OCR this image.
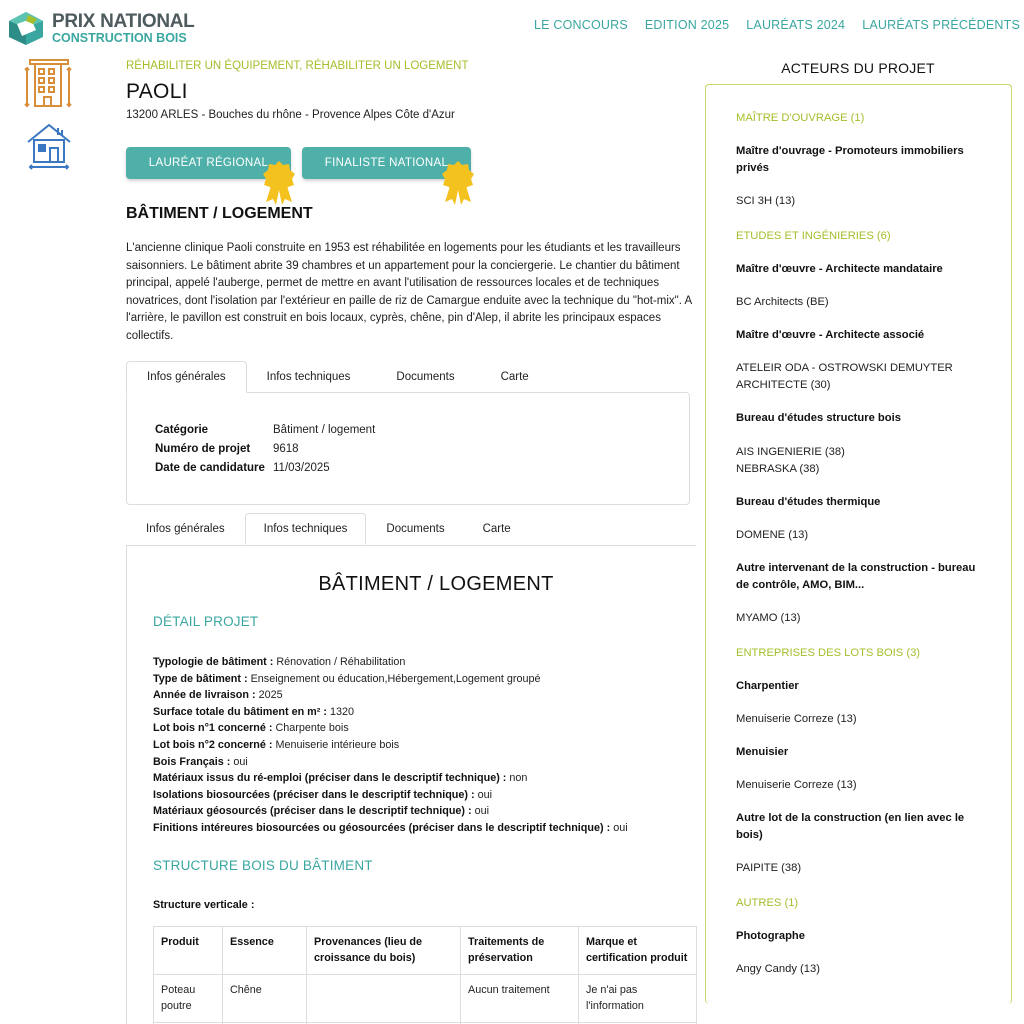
PRIX NATIONAL
CONSTRUCTION BOIS
LE CONCOURS EDITION 2025 LAURÉATS 2024 LAURÉATS PRÉCÉDENTS
RÉHABILITER UN ÉQUIPEMENT, RÉHABILITER UN LOGEMENT
PAOLI
13200 ARLES - Bouches du rhône - Provence Alpes Côte d'Azur
LAURÉAT RÉGIONAL	FINALISTE NATIONAL
BÂTIMENT / LOGEMENT
L'ancienne clinique Paoli construite en 1953 est réhabilitée en logements pour les étudiants et les travailleurs saisonniers. Le bâtiment abrite 39 chambres et un appartement pour la conciergerie. Le chantier du bâtiment principal, appelé l'auberge, permet de mettre en avant l'utilisation de ressources locales et de techniques novatrices, dont l'isolation par l'extérieur en paille de riz de Camargue enduite avec la technique du "hot-mix". A l'arrière, le pavillon est construit en bois locaux, cyprès, chêne, pin d'Alep, il abrite les principaux espaces collectifs.
Infos générales	Infos techniques	Documents	Carte
Catégorie	Bâtiment / logement
Numéro de projet	9618
Date de candidature 11/03/2025
Infos générales	Infos techniques	Documents	Carte
BÂTIMENT / LOGEMENT
DÉTAIL PROJET
Typologie de bâtiment : Rénovation / Réhabilitation
Type de bâtiment : Enseignement ou éducation,Hébergement,Logement groupé
Année de livraison : 2025
Surface totale du bâtiment en m² : 1320
Lot bois n°1 concerné : Charpente bois
Lot bois n°2 concerné : Menuiserie intérieure bois
Bois Français : oui
Matériaux issus du ré-emploi (préciser dans le descriptif technique) : non
Isolations biosourcées (préciser dans le descriptif technique) : oui
Matériaux géosourcés (préciser dans le descriptif technique) : oui
Finitions intéreures biosourcées ou géosourcées (préciser dans le descriptif technique) : oui
STRUCTURE BOIS DU BÂTIMENT
Structure verticale :
Produit	Essence	Provenances (lieu de croissance du bois)	Traitements de préservation	Marque et certification produit
Poteau poutre	Chêne		Aucun traitement	Je n'ai pas l'information

ACTEURS DU PROJET
MAÎTRE D'OUVRAGE (1)
Maître d'ouvrage - Promoteurs immobiliers privés
SCI 3H (13)
ETUDES ET INGÉNIERIES (6)
Maître d'œuvre - Architecte mandataire
BC Architects (BE)
Maître d'œuvre - Architecte associé
ATELEIR ODA - OSTROWSKI DEMUYTER ARCHITECTE (30)
Bureau d'études structure bois
AIS INGENIERIE (38)
NEBRASKA (38)
Bureau d'études thermique
DOMENE (13)
Autre intervenant de la construction - bureau de contrôle, AMO, BIM...
MYAMO (13)
ENTREPRISES DES LOTS BOIS (3)
Charpentier
Menuiserie Correze (13)
Menuisier
Menuiserie Correze (13)
Autre lot de la construction (en lien avec le bois)
PAIPITE (38)
AUTRES (1)
Photographe
Angy Candy (13)
